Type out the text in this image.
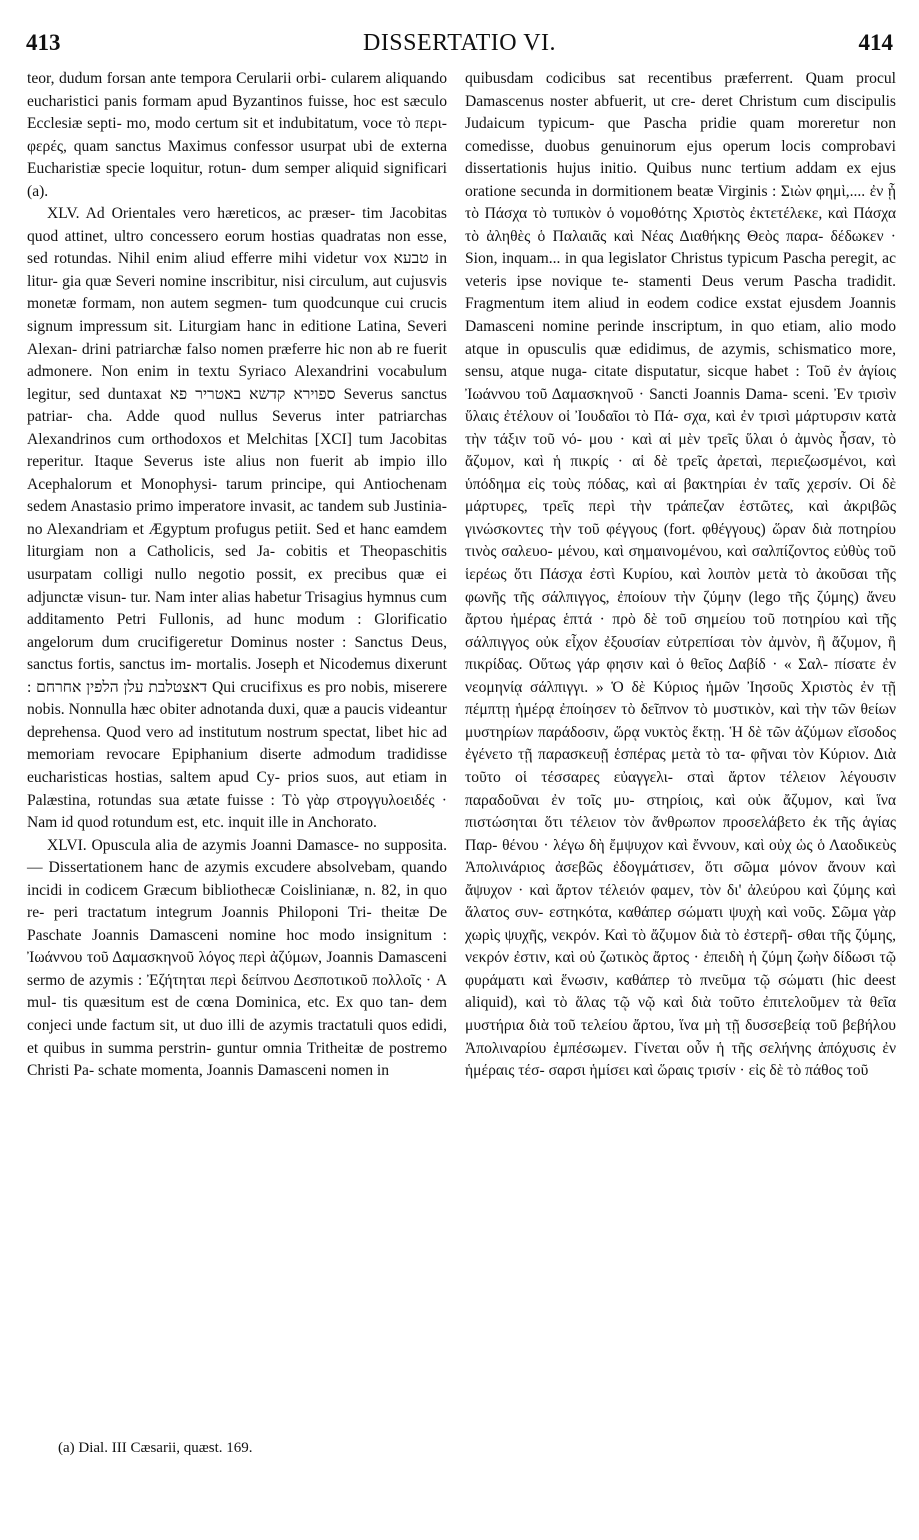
413	DISSERTATIO VI.	414

teor, dudum forsan ante tempora Cerularii orbi- cularem aliquando eucharistici panis formam apud Byzantinos fuisse, hoc est sæculo Ecclesiæ septi- mo, modo certum sit et indubitatum, voce τὸ περι- φερές, quam sanctus Maximus confessor usurpat ubi de externa Eucharistiæ specie loquitur, rotun- dum semper aliquid significari (a).

XLV. Ad Orientales vero hæreticos, ac præser- tim Jacobitas quod attinet, ultro concessero eorum hostias quadratas non esse, sed rotundas. Nihil enim aliud efferre mihi videtur vox טבעא in litur- gia quæ Severi nomine inscribitur, nisi circulum, aut cujusvis monetæ formam, non autem segmen- tum quodcunque cui crucis signum impressum sit. Liturgiam hanc in editione Latina, Severi Alexan- drini patriarchæ falso nomen præferre hic non ab re fuerit admonere. Non enim in textu Syriaco Alexandrini vocabulum legitur, sed duntaxat ספוירא קדשא באטריר פא Severus sanctus patriar- cha. Adde quod nullus Severus inter patriarchas Alexandrinos cum orthodoxos et Melchitas [XCI] tum Jacobitas reperitur. Itaque Severus iste alius non fuerit ab impio illo Acephalorum et Monophysi- tarum principe, qui Antiochenam sedem Anastasio primo imperatore invasit, ac tandem sub Justinia- no Alexandriam et Ægyptum profugus petiit. Sed et hanc eamdem liturgiam non a Catholicis, sed Ja- cobitis et Theopaschitis usurpatam colligi nullo negotio possit, ex precibus quæ ei adjunctæ visun- tur. Nam inter alias habetur Trisagius hymnus cum additamento Petri Fullonis, ad hunc modum : Glorificatio angelorum dum crucifigeretur Dominus noster : Sanctus Deus, sanctus fortis, sanctus im- mortalis. Joseph et Nicodemus dixerunt : דאצטלבת עלן הלפין אחרחם Qui crucifixus es pro nobis, miserere nobis. Nonnulla hæc obiter adnotanda duxi, quæ a paucis videantur deprehensa. Quod vero ad institutum nostrum spectat, libet hic ad memoriam revocare Epiphanium diserte admodum tradidisse eucharisticas hostias, saltem apud Cy- prios suos, aut etiam in Palæstina, rotundas sua ætate fuisse : Τὸ γὰρ στρογγυλοειδές · Nam id quod rotundum est, etc. inquit ille in Anchorato.

XLVI. Opuscula alia de azymis Joanni Damasce- no supposita. — Dissertationem hanc de azymis excudere absolvebam, quando incidi in codicem Græcum bibliothecæ Coislinianæ, n. 82, in quo re- peri tractatum integrum Joannis Philoponi Tri- theitæ De Paschate Joannis Damasceni nomine hoc modo insignitum : Ἰωάννου τοῦ Δαμασκηνοῦ λόγος περὶ ἀζύμων, Joannis Damasceni sermo de azymis : Ἐζήτηται περὶ δείπνου Δεσποτικοῦ πολλοῖς · A mul- tis quæsitum est de cœna Dominica, etc. Ex quo tan- dem conjeci unde factum sit, ut duo illi de azymis tractatuli quos edidi, et quibus in summa perstrin- guntur omnia Tritheitæ de postremo Christi Pa- schate momenta, Joannis Damasceni nomen in

quibusdam codicibus sat recentibus præferrent. Quam procul Damascenus noster abfuerit, ut cre- deret Christum cum discipulis Judaicum typicum- que Pascha pridie quam moreretur non comedisse, duobus genuinorum ejus operum locis comprobavi dissertationis hujus initio. Quibus nunc tertium addam ex ejus oratione secunda in dormitionem beatæ Virginis : Σιὼν φημὶ,.... ἐν ᾗ τὸ Πάσχα τὸ τυπικὸν ὁ νομοθότης Χριστὸς ἐκτετέλεκε, καὶ Πάσχα τὸ ἀληθὲς ὁ Παλαιᾶς καὶ Νέας Διαθήκης Θεὸς παρα- δέδωκεν · Sion, inquam... in qua legislator Christus typicum Pascha peregit, ac veteris ipse novique te- stamenti Deus verum Pascha tradidit. Fragmentum item aliud in eodem codice exstat ejusdem Joannis Damasceni nomine perinde inscriptum, in quo etiam, alio modo atque in opusculis quæ edidimus, de azymis, schismatico more, sensu, atque nuga- citate disputatur, sicque habet : Τοῦ ἐν ἁγίοις Ἰωάννου τοῦ Δαμασκηνοῦ · Sancti Joannis Dama- sceni. Ἐν τρισὶν ὕλαις ἐτέλουν οἱ Ἰουδαῖοι τὸ Πά- σχα, καὶ ἐν τρισὶ μάρτυρσιν κατὰ τὴν τάξιν τοῦ νό- μου · καὶ αἱ μὲν τρεῖς ὕλαι ὁ ἀμνὸς ἦσαν, τὸ ἄζυμον, καὶ ἡ πικρίς · αἱ δὲ τρεῖς ἀρεταὶ, περιεζωσμένοι, καὶ ὑπόδημα εἰς τοὺς πόδας, καὶ αἱ βακτηρίαι ἐν ταῖς χερσίν. Οἱ δὲ μάρτυρες, τρεῖς περὶ τὴν τράπεζαν ἑστῶτες, καὶ ἀκριβῶς γινώσκοντες τὴν τοῦ φέγγους (fort. φθέγγους) ὥραν διὰ ποτηρίου τινὸς σαλευο- μένου, καὶ σημαινομένου, καὶ σαλπίζοντος εὐθὺς τοῦ ἱερέως ὅτι Πάσχα ἐστὶ Κυρίου, καὶ λοιπὸν μετὰ τὸ ἀκοῦσαι τῆς φωνῆς τῆς σάλπιγγος, ἐποίουν τὴν ζύμην (lego τῆς ζύμης) ἄνευ ἄρτου ἡμέρας ἑπτά · πρὸ δὲ τοῦ σημείου τοῦ ποτηρίου καὶ τῆς σάλπιγγος οὐκ εἶχον ἐξουσίαν εὐτρεπίσαι τὸν ἀμνὸν, ἢ ἄζυμον, ἢ πικρίδας. Οὕτως γάρ φησιν καὶ ὁ θεῖος Δαβίδ · « Σαλ- πίσατε ἐν νεομηνίᾳ σάλπιγγι. » Ὁ δὲ Κύριος ἡμῶν Ἰησοῦς Χριστὸς ἐν τῇ πέμπτῃ ἡμέρᾳ ἐποίησεν τὸ δεῖπνον τὸ μυστικὸν, καὶ τὴν τῶν θείων μυστηρίων παράδοσιν, ὥρᾳ νυκτὸς ἕκτῃ. Ἡ δὲ τῶν ἀζύμων εἴσοδος ἐγένετο τῇ παρασκευῇ ἑσπέρας μετὰ τὸ τα- φῆναι τὸν Κύριον. Διὰ τοῦτο οἱ τέσσαρες εὐαγγελι- σταὶ ἄρτον τέλειον λέγουσιν παραδοῦναι ἐν τοῖς μυ- στηρίοις, καὶ οὐκ ἄζυμον, καὶ ἵνα πιστώσηται ὅτι τέλειον τὸν ἄνθρωπον προσελάβετο ἐκ τῆς ἁγίας Παρ- θένου · λέγω δὴ ἔμψυχον καὶ ἔννουν, καὶ οὐχ ὡς ὁ Λαοδικεὺς Ἀπολινάριος ἀσεβῶς ἐδογμάτισεν, ὅτι σῶμα μόνον ἄνουν καὶ ἄψυχον · καὶ ἄρτον τέλειόν φαμεν, τὸν δι' ἀλεύρου καὶ ζύμης καὶ ἅλατος συν- εστηκότα, καθάπερ σώματι ψυχὴ καὶ νοῦς. Σῶμα γὰρ χωρὶς ψυχῆς, νεκρόν. Καὶ τὸ ἄζυμον διὰ τὸ ἐστερῆ- σθαι τῆς ζύμης, νεκρόν ἐστιν, καὶ οὐ ζωτικὸς ἄρτος · ἐπειδὴ ἡ ζύμη ζωὴν δίδωσι τῷ φυράματι καὶ ἕνωσιν, καθάπερ τὸ πνεῦμα τῷ σώματι (hic deest aliquid), καὶ τὸ ἅλας τῷ νῷ καὶ διὰ τοῦτο ἐπιτελοῦμεν τὰ θεῖα μυστήρια διὰ τοῦ τελείου ἄρτου, ἵνα μὴ τῇ δυσσεβείᾳ τοῦ βεβήλου Ἀπολιναρίου ἐμπέσωμεν. Γίνεται οὖν ἡ τῆς σελήνης ἀπόχυσις ἐν ἡμέραις τέσ- σαρσι ἡμίσει καὶ ὥραις τρισίν · εἰς δὲ τὸ πάθος τοῦ

(a) Dial. III Cæsarii, quæst. 169.
